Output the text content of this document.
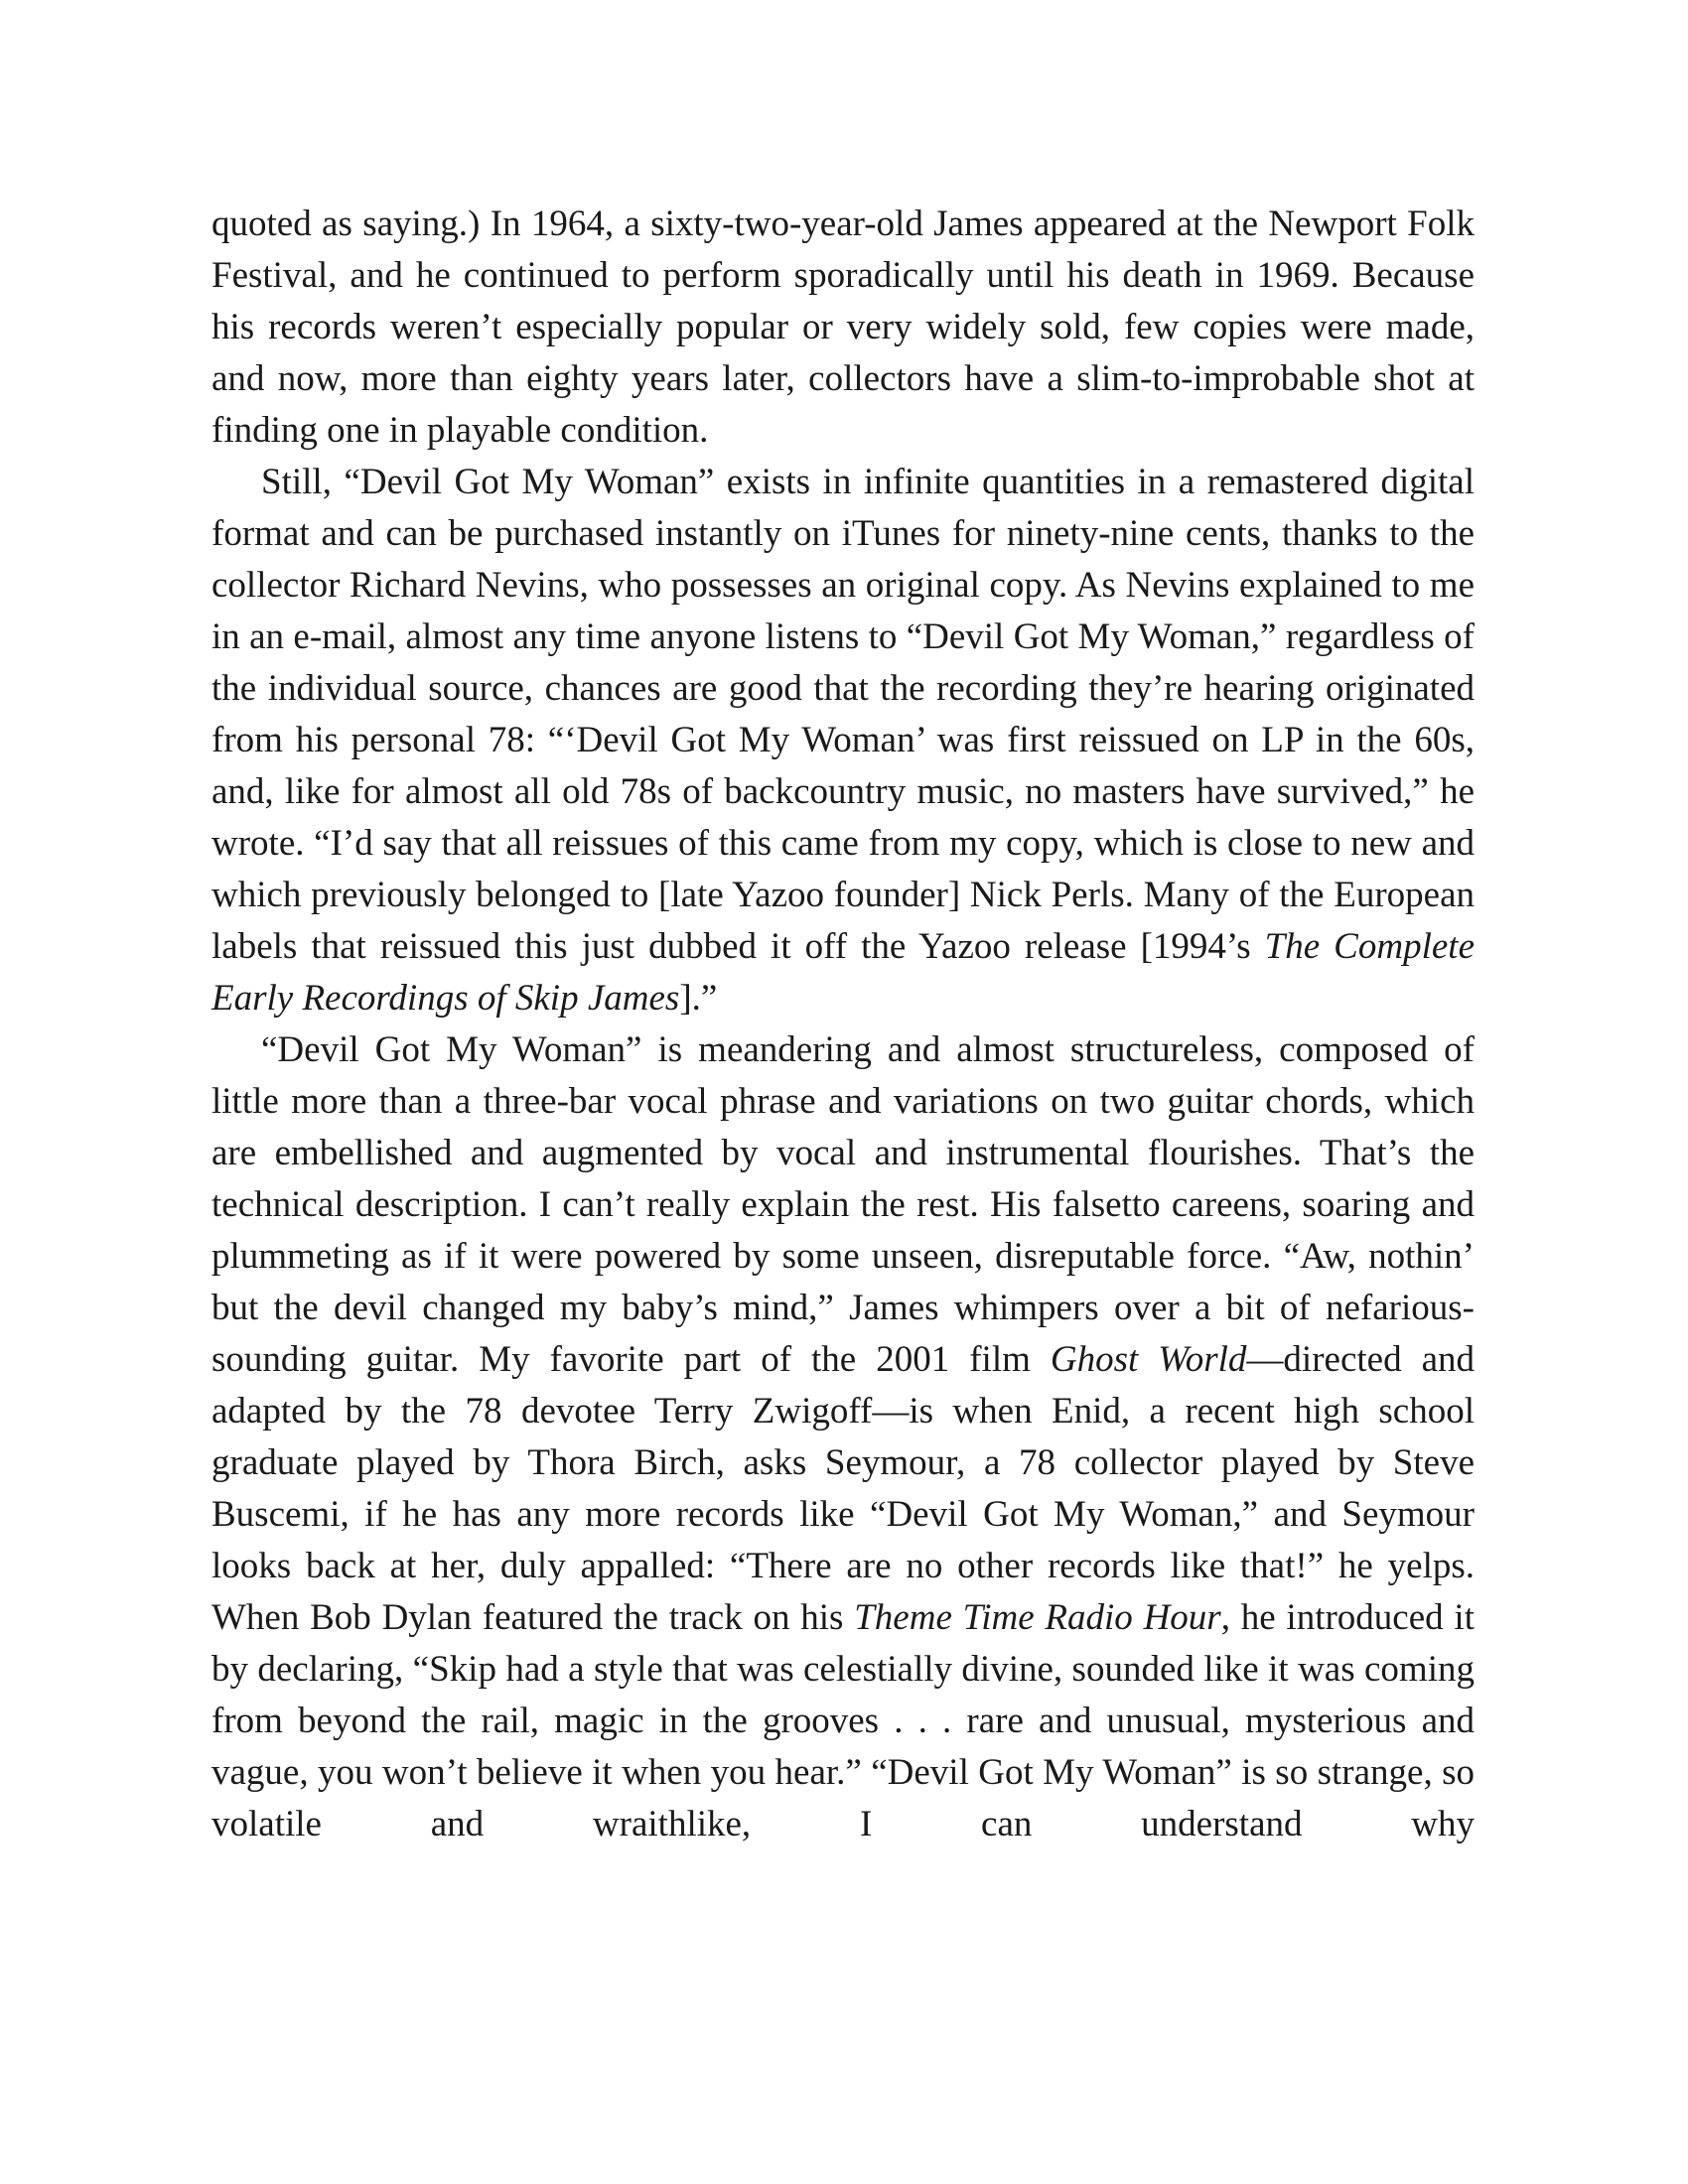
quoted as saying.) In 1964, a sixty-two-year-old James appeared at the Newport Folk Festival, and he continued to perform sporadically until his death in 1969. Because his records weren’t especially popular or very widely sold, few copies were made, and now, more than eighty years later, collectors have a slim-to-improbable shot at finding one in playable condition.

Still, “Devil Got My Woman” exists in infinite quantities in a remastered digital format and can be purchased instantly on iTunes for ninety-nine cents, thanks to the collector Richard Nevins, who possesses an original copy. As Nevins explained to me in an e-mail, almost any time anyone listens to “Devil Got My Woman,” regardless of the individual source, chances are good that the recording they’re hearing originated from his personal 78: “‘Devil Got My Woman’ was first reissued on LP in the 60s, and, like for almost all old 78s of backcountry music, no masters have survived,” he wrote. “I’d say that all reissues of this came from my copy, which is close to new and which previously belonged to [late Yazoo founder] Nick Perls. Many of the European labels that reissued this just dubbed it off the Yazoo release [1994’s The Complete Early Recordings of Skip James].”

“Devil Got My Woman” is meandering and almost structureless, composed of little more than a three-bar vocal phrase and variations on two guitar chords, which are embellished and augmented by vocal and instrumental flourishes. That’s the technical description. I can’t really explain the rest. His falsetto careens, soaring and plummeting as if it were powered by some unseen, disreputable force. “Aw, nothin’ but the devil changed my baby’s mind,” James whimpers over a bit of nefarious-sounding guitar. My favorite part of the 2001 film Ghost World—directed and adapted by the 78 devotee Terry Zwigoff—is when Enid, a recent high school graduate played by Thora Birch, asks Seymour, a 78 collector played by Steve Buscemi, if he has any more records like “Devil Got My Woman,” and Seymour looks back at her, duly appalled: “There are no other records like that!” he yelps. When Bob Dylan featured the track on his Theme Time Radio Hour, he introduced it by declaring, “Skip had a style that was celestially divine, sounded like it was coming from beyond the rail, magic in the grooves . . . rare and unusual, mysterious and vague, you won’t believe it when you hear.” “Devil Got My Woman” is so strange, so volatile and wraithlike, I can understand why
